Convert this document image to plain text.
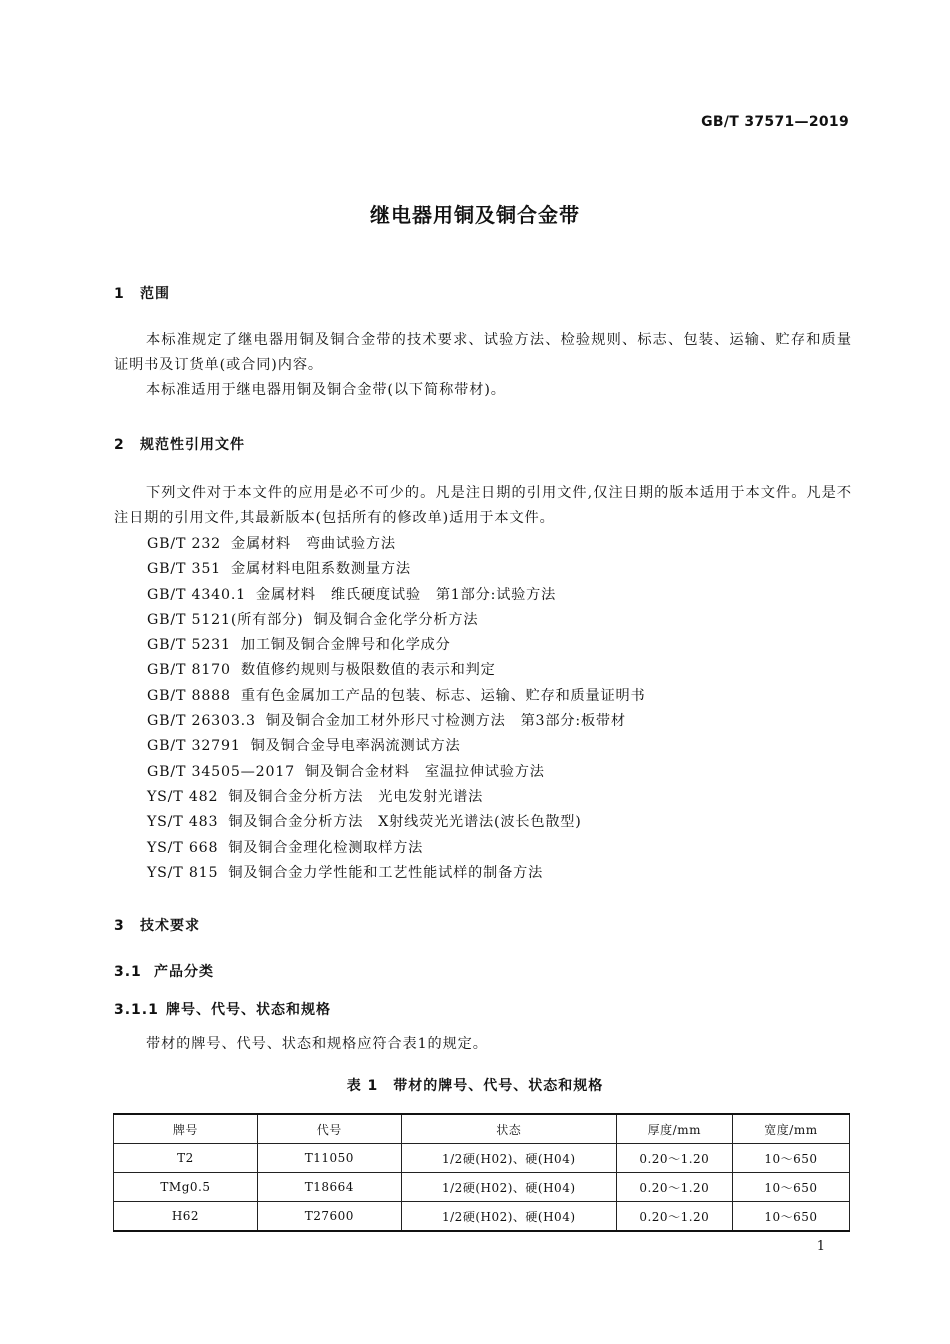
GB/T 37571—2019
继电器用铜及铜合金带
1 范围

本标准规定了继电器用铜及铜合金带的技术要求、试验方法、检验规则、标志、包装、运输、贮存和质量证明书及订货单(或合同)内容。

本标准适用于继电器用铜及铜合金带(以下简称带材)。

2 规范性引用文件

下列文件对于本文件的应用是必不可少的。凡是注日期的引用文件,仅注日期的版本适用于本文件。凡是不注日期的引用文件,其最新版本(包括所有的修改单)适用于本文件。

GB/T 232 金属材料　弯曲试验方法
GB/T 351 金属材料电阻系数测量方法
GB/T 4340.1 金属材料　维氏硬度试验　第1部分:试验方法
GB/T 5121(所有部分) 铜及铜合金化学分析方法
GB/T 5231 加工铜及铜合金牌号和化学成分
GB/T 8170 数值修约规则与极限数值的表示和判定
GB/T 8888 重有色金属加工产品的包装、标志、运输、贮存和质量证明书
GB/T 26303.3 铜及铜合金加工材外形尺寸检测方法　第3部分:板带材
GB/T 32791 铜及铜合金导电率涡流测试方法
GB/T 34505—2017 铜及铜合金材料　室温拉伸试验方法
YS/T 482 铜及铜合金分析方法　光电发射光谱法
YS/T 483 铜及铜合金分析方法　X射线荧光光谱法(波长色散型)
YS/T 668 铜及铜合金理化检测取样方法
YS/T 815 铜及铜合金力学性能和工艺性能试样的制备方法
3 技术要求
3.1 产品分类
3.1.1 牌号、代号、状态和规格

带材的牌号、代号、状态和规格应符合表1的规定。

表 1　带材的牌号、代号、状态和规格
牌号	代号	状态	厚度/mm	宽度/mm
T2	T11050	1/2硬(H02)、硬(H04)	0.20～1.20	10～650
TMg0.5	T18664	1/2硬(H02)、硬(H04)	0.20～1.20	10～650
H62	T27600	1/2硬(H02)、硬(H04)	0.20～1.20	10～650
1
